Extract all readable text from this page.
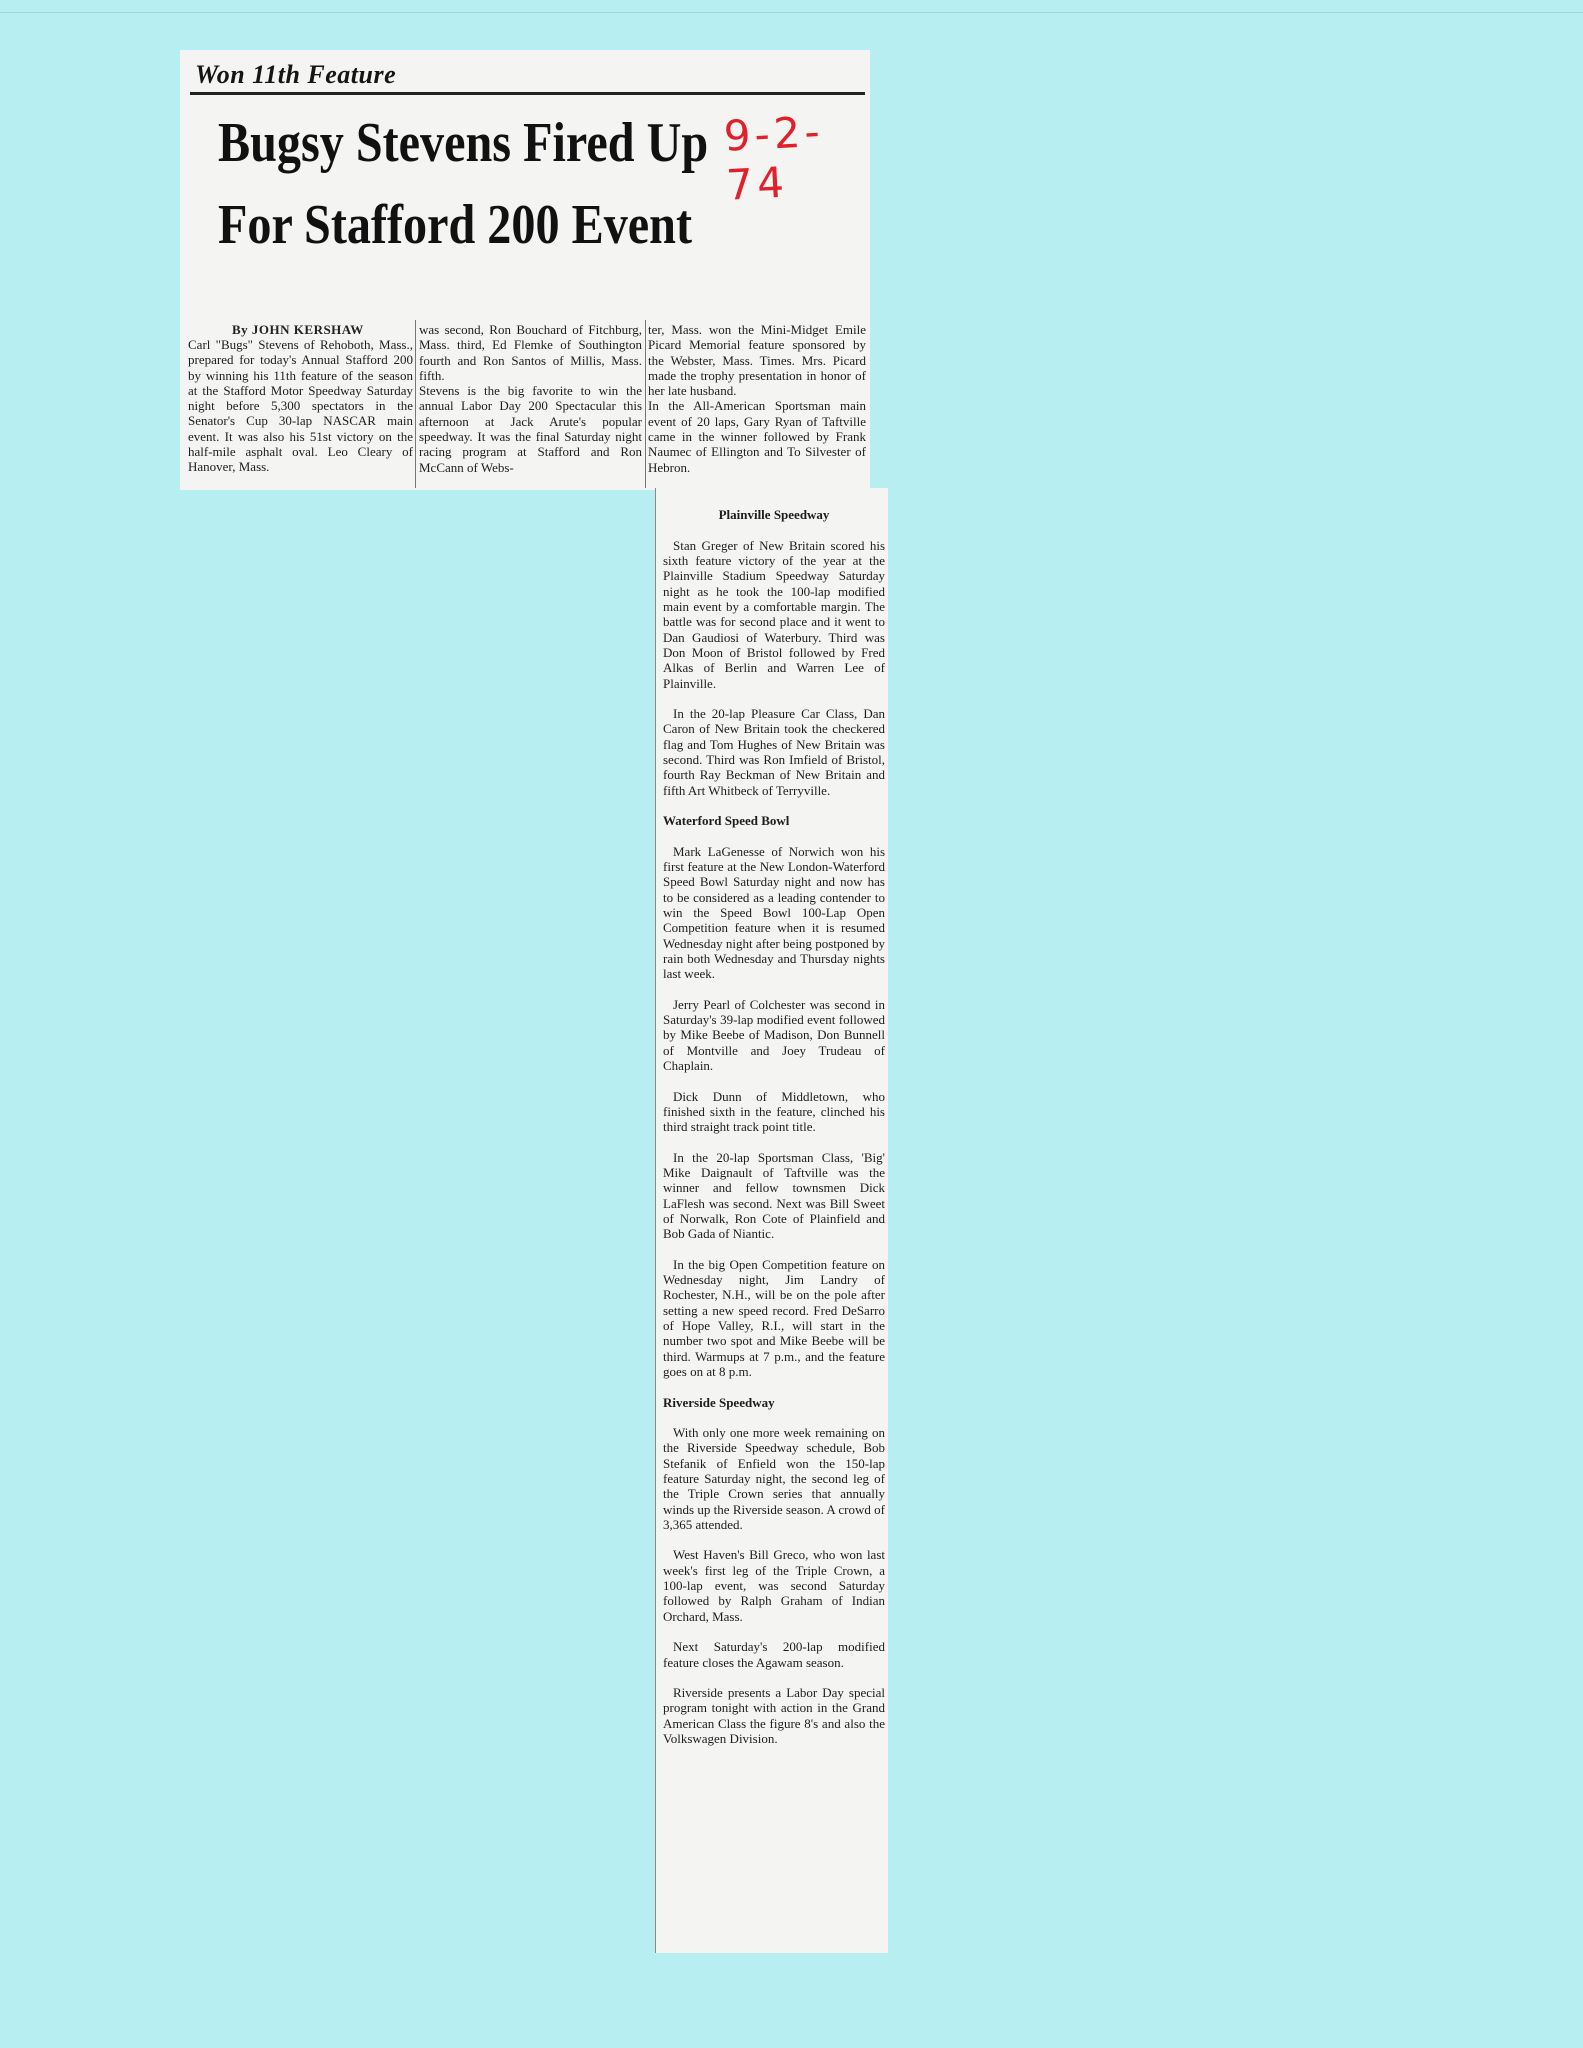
Won 11th Feature

9-2-74

Bugsy Stevens Fired Up For Stafford 200 Event

By JOHN KERSHAW

Carl "Bugs" Stevens of Rehoboth, Mass., prepared for today's Annual Stafford 200 by winning his 11th feature of the season at the Stafford Motor Speedway Saturday night before 5,300 spectators in the Senator's Cup 30-lap NASCAR main event. It was also his 51st victory on the half-mile asphalt oval. Leo Cleary of Hanover, Mass.

was second, Ron Bouchard of Fitchburg, Mass. third, Ed Flemke of Southington fourth and Ron Santos of Millis, Mass. fifth.
Stevens is the big favorite to win the annual Labor Day 200 Spectacular this afternoon at Jack Arute's popular speedway. It was the final Saturday night racing program at Stafford and Ron McCann of Webs-

ter, Mass. won the Mini-Midget Emile Picard Memorial feature sponsored by the Webster, Mass. Times. Mrs. Picard made the trophy presentation in honor of her late husband.
In the All-American Sportsman main event of 20 laps, Gary Ryan of Taftville came in the winner followed by Frank Naumec of Ellington and To Silvester of Hebron.

Plainville Speedway

Stan Greger of New Britain scored his sixth feature victory of the year at the Plainville Stadium Speedway Saturday night as he took the 100-lap modified main event by a comfortable margin. The battle was for second place and it went to Dan Gaudiosi of Waterbury. Third was Don Moon of Bristol followed by Fred Alkas of Berlin and Warren Lee of Plainville.

In the 20-lap Pleasure Car Class, Dan Caron of New Britain took the checkered flag and Tom Hughes of New Britain was second. Third was Ron Imfield of Bristol, fourth Ray Beckman of New Britain and fifth Art Whitbeck of Terryville.

Waterford Speed Bowl

Mark LaGenesse of Norwich won his first feature at the New London-Waterford Speed Bowl Saturday night and now has to be considered as a leading contender to win the Speed Bowl 100-Lap Open Competition feature when it is resumed Wednesday night after being postponed by rain both Wednesday and Thursday nights last week.

Jerry Pearl of Colchester was second in Saturday's 39-lap modified event followed by Mike Beebe of Madison, Don Bunnell of Montville and Joey Trudeau of Chaplain.

Dick Dunn of Middletown, who finished sixth in the feature, clinched his third straight track point title.

In the 20-lap Sportsman Class, 'Big' Mike Daignault of Taftville was the winner and fellow townsmen Dick LaFlesh was second. Next was Bill Sweet of Norwalk, Ron Cote of Plainfield and Bob Gada of Niantic.

In the big Open Competition feature on Wednesday night, Jim Landry of Rochester, N.H., will be on the pole after setting a new speed record. Fred DeSarro of Hope Valley, R.I., will start in the number two spot and Mike Beebe will be third. Warmups at 7 p.m., and the feature goes on at 8 p.m.

Riverside Speedway

With only one more week remaining on the Riverside Speedway schedule, Bob Stefanik of Enfield won the 150-lap feature Saturday night, the second leg of the Triple Crown series that annually winds up the Riverside season. A crowd of 3,365 attended.

West Haven's Bill Greco, who won last week's first leg of the Triple Crown, a 100-lap event, was second Saturday followed by Ralph Graham of Indian Orchard, Mass.

Next Saturday's 200-lap modified feature closes the Agawam season.

Riverside presents a Labor Day special program tonight with action in the Grand American Class the figure 8's and also the Volkswagen Division.
